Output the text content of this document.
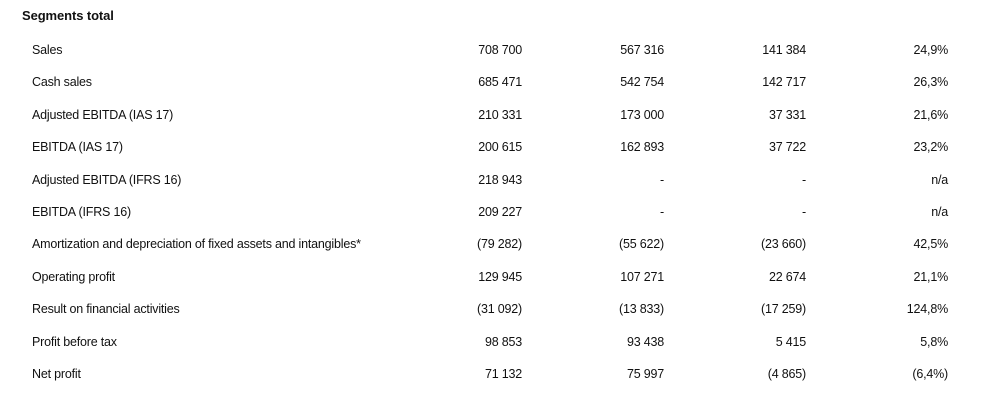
Segments total
Sales	708 700	567 316	141 384	24,9%
Cash sales	685 471	542 754	142 717	26,3%
Adjusted EBITDA (IAS 17)	210 331	173 000	37 331	21,6%
EBITDA (IAS 17)	200 615	162 893	37 722	23,2%
Adjusted EBITDA (IFRS 16)	218 943	-	-	n/a
EBITDA (IFRS 16)	209 227	-	-	n/a
Amortization and depreciation of fixed assets and intangibles*	(79 282)	(55 622)	(23 660)	42,5%
Operating profit	129 945	107 271	22 674	21,1%
Result on financial activities	(31 092)	(13 833)	(17 259)	124,8%
Profit before tax	98 853	93 438	5 415	5,8%
Net profit	71 132	75 997	(4 865)	(6,4%)
